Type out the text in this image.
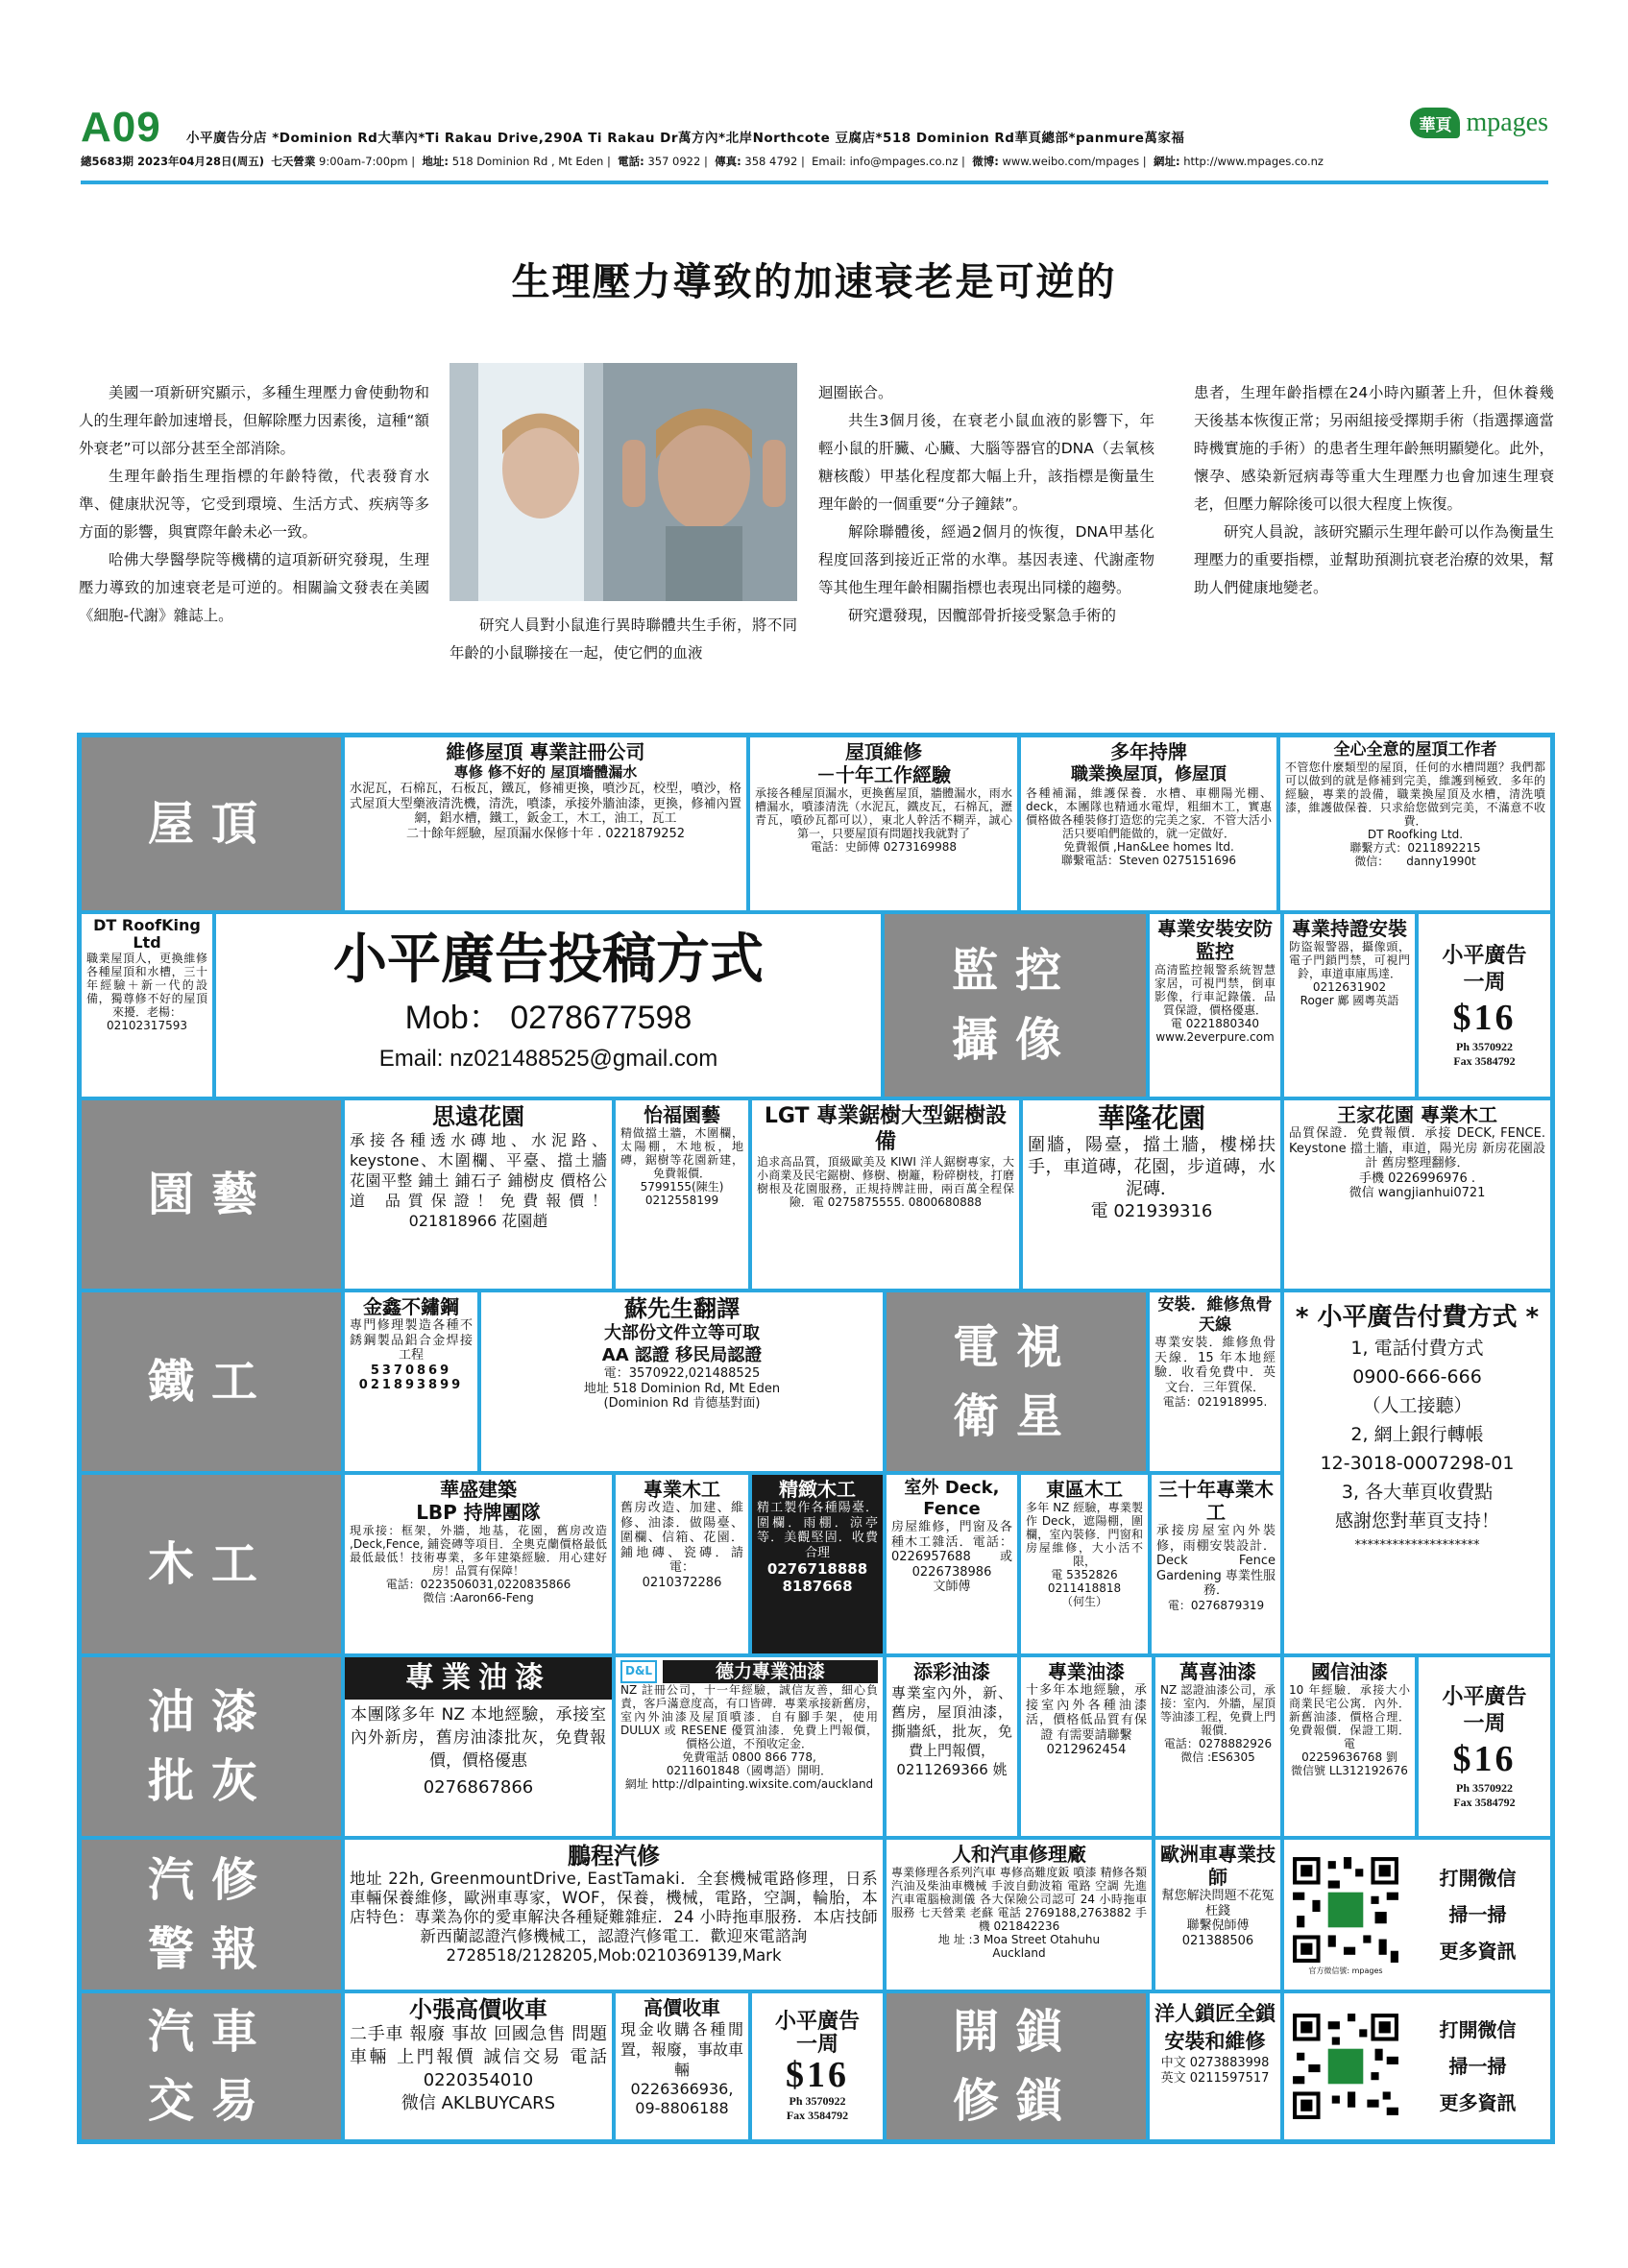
A09 小平廣告分店 *Dominion Rd大華內*Ti Rakau Drive,290A Ti Rakau Dr萬方內*北岸Northcote 豆腐店*518 Dominion Rd華頁總部*panmure萬家福
華頁 mpages
總5683期 2023年04月28日(周五) 七天營業 9:00am-7:00pm |  地址: 518 Dominion Rd , Mt Eden |  電話: 357 0922 |  傳真: 358 4792 |  Email: info@mpages.co.nz |  微博: www.weibo.com/mpages |  網址: http://www.mpages.co.nz
生理壓力導致的加速衰老是可逆的

美國一項新研究顯示，多種生理壓力會使動物和人的生理年齡加速增長，但解除壓力因素後，這種“額外衰老”可以部分甚至全部消除。

生理年齡指生理指標的年齡特徵，代表發育水準、健康狀況等，它受到環境、生活方式、疾病等多方面的影響，與實際年齡未必一致。

哈佛大學醫學院等機構的這項新研究發現，生理壓力導致的加速衰老是可逆的。相關論文發表在美國《細胞-代謝》雜誌上。

研究人員對小鼠進行異時聯體共生手術，將不同年齡的小鼠聯接在一起，使它們的血液

迴圈嵌合。

共生3個月後，在衰老小鼠血液的影響下，年輕小鼠的肝臟、心臟、大腦等器官的DNA（去氧核糖核酸）甲基化程度都大幅上升，該指標是衡量生理年齡的一個重要“分子鐘錶”。

解除聯體後，經過2個月的恢復，DNA甲基化程度回落到接近正常的水準。基因表達、代謝產物等其他生理年齡相關指標也表現出同樣的趨勢。

研究還發現，因髖部骨折接受緊急手術的

患者，生理年齡指標在24小時內顯著上升，但休養幾天後基本恢復正常；另兩組接受擇期手術（指選擇適當時機實施的手術）的患者生理年齡無明顯變化。此外，懷孕、感染新冠病毒等重大生理壓力也會加速生理衰老，但壓力解除後可以很大程度上恢復。

研究人員說，該研究顯示生理年齡可以作為衡量生理壓力的重要指標，並幫助預測抗衰老治療的效果，幫助人們健康地變老。

屋頂
維修屋頂 專業註冊公司
專修 修不好的 屋頂墻體漏水
水泥瓦，石棉瓦，石板瓦，鐵瓦，修補更換，噴沙瓦，校型，噴沙，格式屋頂大型藥液清洗機，清洗，噴漆，承接外牆油漆，更換，修補內置網，鋁水槽，鐵工，鈑金工，木工，油工，瓦工
二十餘年經驗，屋頂漏水保修十年 . 0221879252
屋頂維修
－十年工作經驗
承接各種屋頂漏水，更換舊屋頂，牆體漏水，雨水槽漏水，噴漆清洗（水泥瓦，鐵皮瓦，石棉瓦，瀝青瓦，噴砂瓦都可以），東北人幹活不糊弄，誠心第一，只要屋頂有問題找我就對了
電話：史師傅 0273169988
多年持牌
職業換屋頂，修屋頂
各種補漏，維護保養．水槽、車棚陽光棚、deck，本團隊也精通水電焊，粗細木工，實惠價格做各種裝修打造您的完美之家．不管大活小活只要咱們能做的，就一定做好．
免費報價 ,Han&Lee homes ltd.
聯繫電話：Steven 0275151696
全心全意的屋頂工作者
不管您什麼類型的屋頂，任何的水槽問題？我們都可以做到的就是修補到完美，維護到極致．多年的經驗，專業的設備，職業換屋頂及水槽，清洗噴漆，維護做保養．只求給您做到完美，不滿意不收費．
DT Roofking Ltd.
聯繫方式：0211892215
微信：　　danny1990t
DT RoofKing Ltd
職業屋頂人，更換維修各種屋頂和水槽，三十年經驗＋新一代的設備，獨尊修不好的屋頂來擾．老楊：
02102317593
小平廣告投稿方式
Mob： 0278677598
Email: nz021488525@gmail.com
監控
攝像
專業安裝安防監控
高清監控報警系統智慧家居，可視門禁，倒車影像，行車記錄儀．品質保證，價格優惠．
電 0221880340
www.2everpure.com
專業持證安裝
防盜報警器，攝像頭，電子門鎖門禁，可視門鈴，車道車庫馬達．
0212631902
Roger 鄺 國粵英語
小平廣告
一周
$16
Ph 3570922
Fax 3584792
園藝
思遠花園
承接各種透水磚地、水泥路、keystone、木圍欄、平臺、擋土牆 花園平整 鋪土 鋪石子 鋪樹皮 價格公道 品質保證！免費報價！ 021818966 花園趙
怡福園藝
精做擋土牆，木圍欄，太陽棚，木地板，地磚，鋸樹等花園新建，免費報價．
5799155(陳生)
0212558199
LGT 專業鋸樹大型鋸樹設備
追求高品質，頂級歐美及 KIWI 洋人鋸樹專家，大小商業及民宅鋸樹、修樹、樹籬，粉碎樹枝，打磨樹根及花園服務，正規持牌註冊，兩百萬全程保險．電 0275875555. 0800680888
華隆花園
圍牆，陽臺，擋土牆，樓梯扶手，車道磚，花園，步道磚，水泥磚．
電 021939316
王家花園 專業木工
品質保證．免費報價．承接 DECK, FENCE. Keystone 擋土牆，車道，陽光房 新房花園設計 舊房整理翻修．
手機 0226996976 .
微信 wangjianhui0721
鐵工
金鑫不鏽鋼
專門修理製造各種不銹鋼製品鋁合金焊接工程
5370869
021893899
蘇先生翻譯
大部份文件立等可取
AA 認證 移民局認證
電：3570922,021488525
地址 518 Dominion Rd, Mt Eden
(Dominion Rd 肯德基對面)
電視
衛星
安裝．維修魚骨天線
專業安裝．維修魚骨天線．15 年本地經驗．收看免費中．英文台．三年質保．
電話：021918995.
* 小平廣告付費方式 *
1, 電話付費方式
0900-666-666
（人工接聽）
2, 網上銀行轉帳
12-3018-0007298-01
3, 各大華頁收費點
感謝您對華頁支持！
********************
木工
華盛建築
LBP 持牌團隊
現承接：框架，外牆，地基，花園，舊房改造 ,Deck,Fence, 鋪瓷磚等項目．全奧克蘭價格最低最低最低！技術專業，多年建築經驗．用心建好房！品質有保障！
電話：0223506031,0220835866
微信 :Aaron66-Feng
專業木工
舊房改造、加建、維修、油漆．做陽臺、圍欄、信箱、花園．鋪地磚、瓷磚．請電：
0210372286
精緻木工
精工製作各種陽臺．圍欄．雨棚．涼亭等．美觀堅固．收費合理
0276718888
8187668
室外 Deck, Fence
房屋維修，門窗及各種木工雜活．電話：0226957688 或 0226738986
文師傅
東區木工
多年 NZ 經驗，專業製作 Deck，遮陽棚，圍欄，室內裝修．門窗和房屋維修，大小活不限，
電 5352826
0211418818
（何生）
三十年專業木工
承接房屋室內外裝修，雨棚安裝設計．Deck Fence Gardening 專業性服務．
電：0276879319
油漆
批灰
專業油漆
本團隊多年 NZ 本地經驗，承接室內外新房，舊房油漆批灰，免費報價，價格優惠
0276867866
D&L	德力專業油漆
NZ 註冊公司，十一年經驗，誠信友善，細心負責，客戶滿意度高，有口皆碑．專業承接新舊房，室內外油漆及屋頂噴漆．自有腳手架，使用 DULUX 或 RESENE 優質油漆．免費上門報價，價格公道，不預收定金．
免費電話 0800 866 778,
0211601848（國粵語）開明．
網址 http://dlpainting.wixsite.com/auckland
添彩油漆
專業室內外，新、舊房，屋頂油漆，撕牆紙，批灰，免費上門報價，
0211269366 姚
專業油漆
十多年本地經驗，承接室內外各種油漆活，價格低品質有保證 有需要請聯繫
0212962454
萬喜油漆
NZ 認證油漆公司，承接：室內．外牆，屋頂等油漆工程，免費上門報價．
電話：0278882926
微信 :ES6305
國信油漆
10 年經驗．承接大小商業民宅公寓．內外．新舊油漆．價格合理．免費報價．保證工期．電
02259636768 劉
微信號 LL312192676
小平廣告
一周
$16
Ph 3570922
Fax 3584792
汽修
警報
鵬程汽修
地址 22h, GreenmountDrive, EastTamaki．全套機械電路修理，日系車輛保養維修，歐洲車專家，WOF，保養，機械，電路，空調，輪胎，本店特色：專業為你的愛車解決各種疑難雜症．24 小時拖車服務．本店技師新西蘭認證汽修機械工，認證汽修電工．歡迎來電諮詢
2728518/2128205,Mob:0210369139,Mark
人和汽車修理廠
專業修理各系列汽車 專修高難度鈑 噴漆 精修各類汽油及柴油車機械 手波自動波箱 電路 空調 先進汽車電腦檢測儀 各大保險公司認可 24 小時拖車服務 七天營業 老蘇 電話 2769188,2763882 手機 021842236
地 址 :3 Moa Street Otahuhu
Auckland
歐洲車專業技師
幫您解決問題不花冤枉錢
聯繫倪師傅
021388506
官方微信號: mpages
打開微信
掃一掃
更多資訊
汽車
交易
小張高價收車
二手車 報廢 事故 回國急售 問題車輛 上門報價 誠信交易 電話 0220354010
微信 AKLBUYCARS
高價收車
現金收購各種閒置，報廢，事故車輛
0226366936,
09-8806188
小平廣告
一周
$16
Ph 3570922
Fax 3584792
開鎖
修鎖
洋人鎖匠全鎖安裝和維修
中文 0273883998
英文 0211597517
打開微信
掃一掃
更多資訊
